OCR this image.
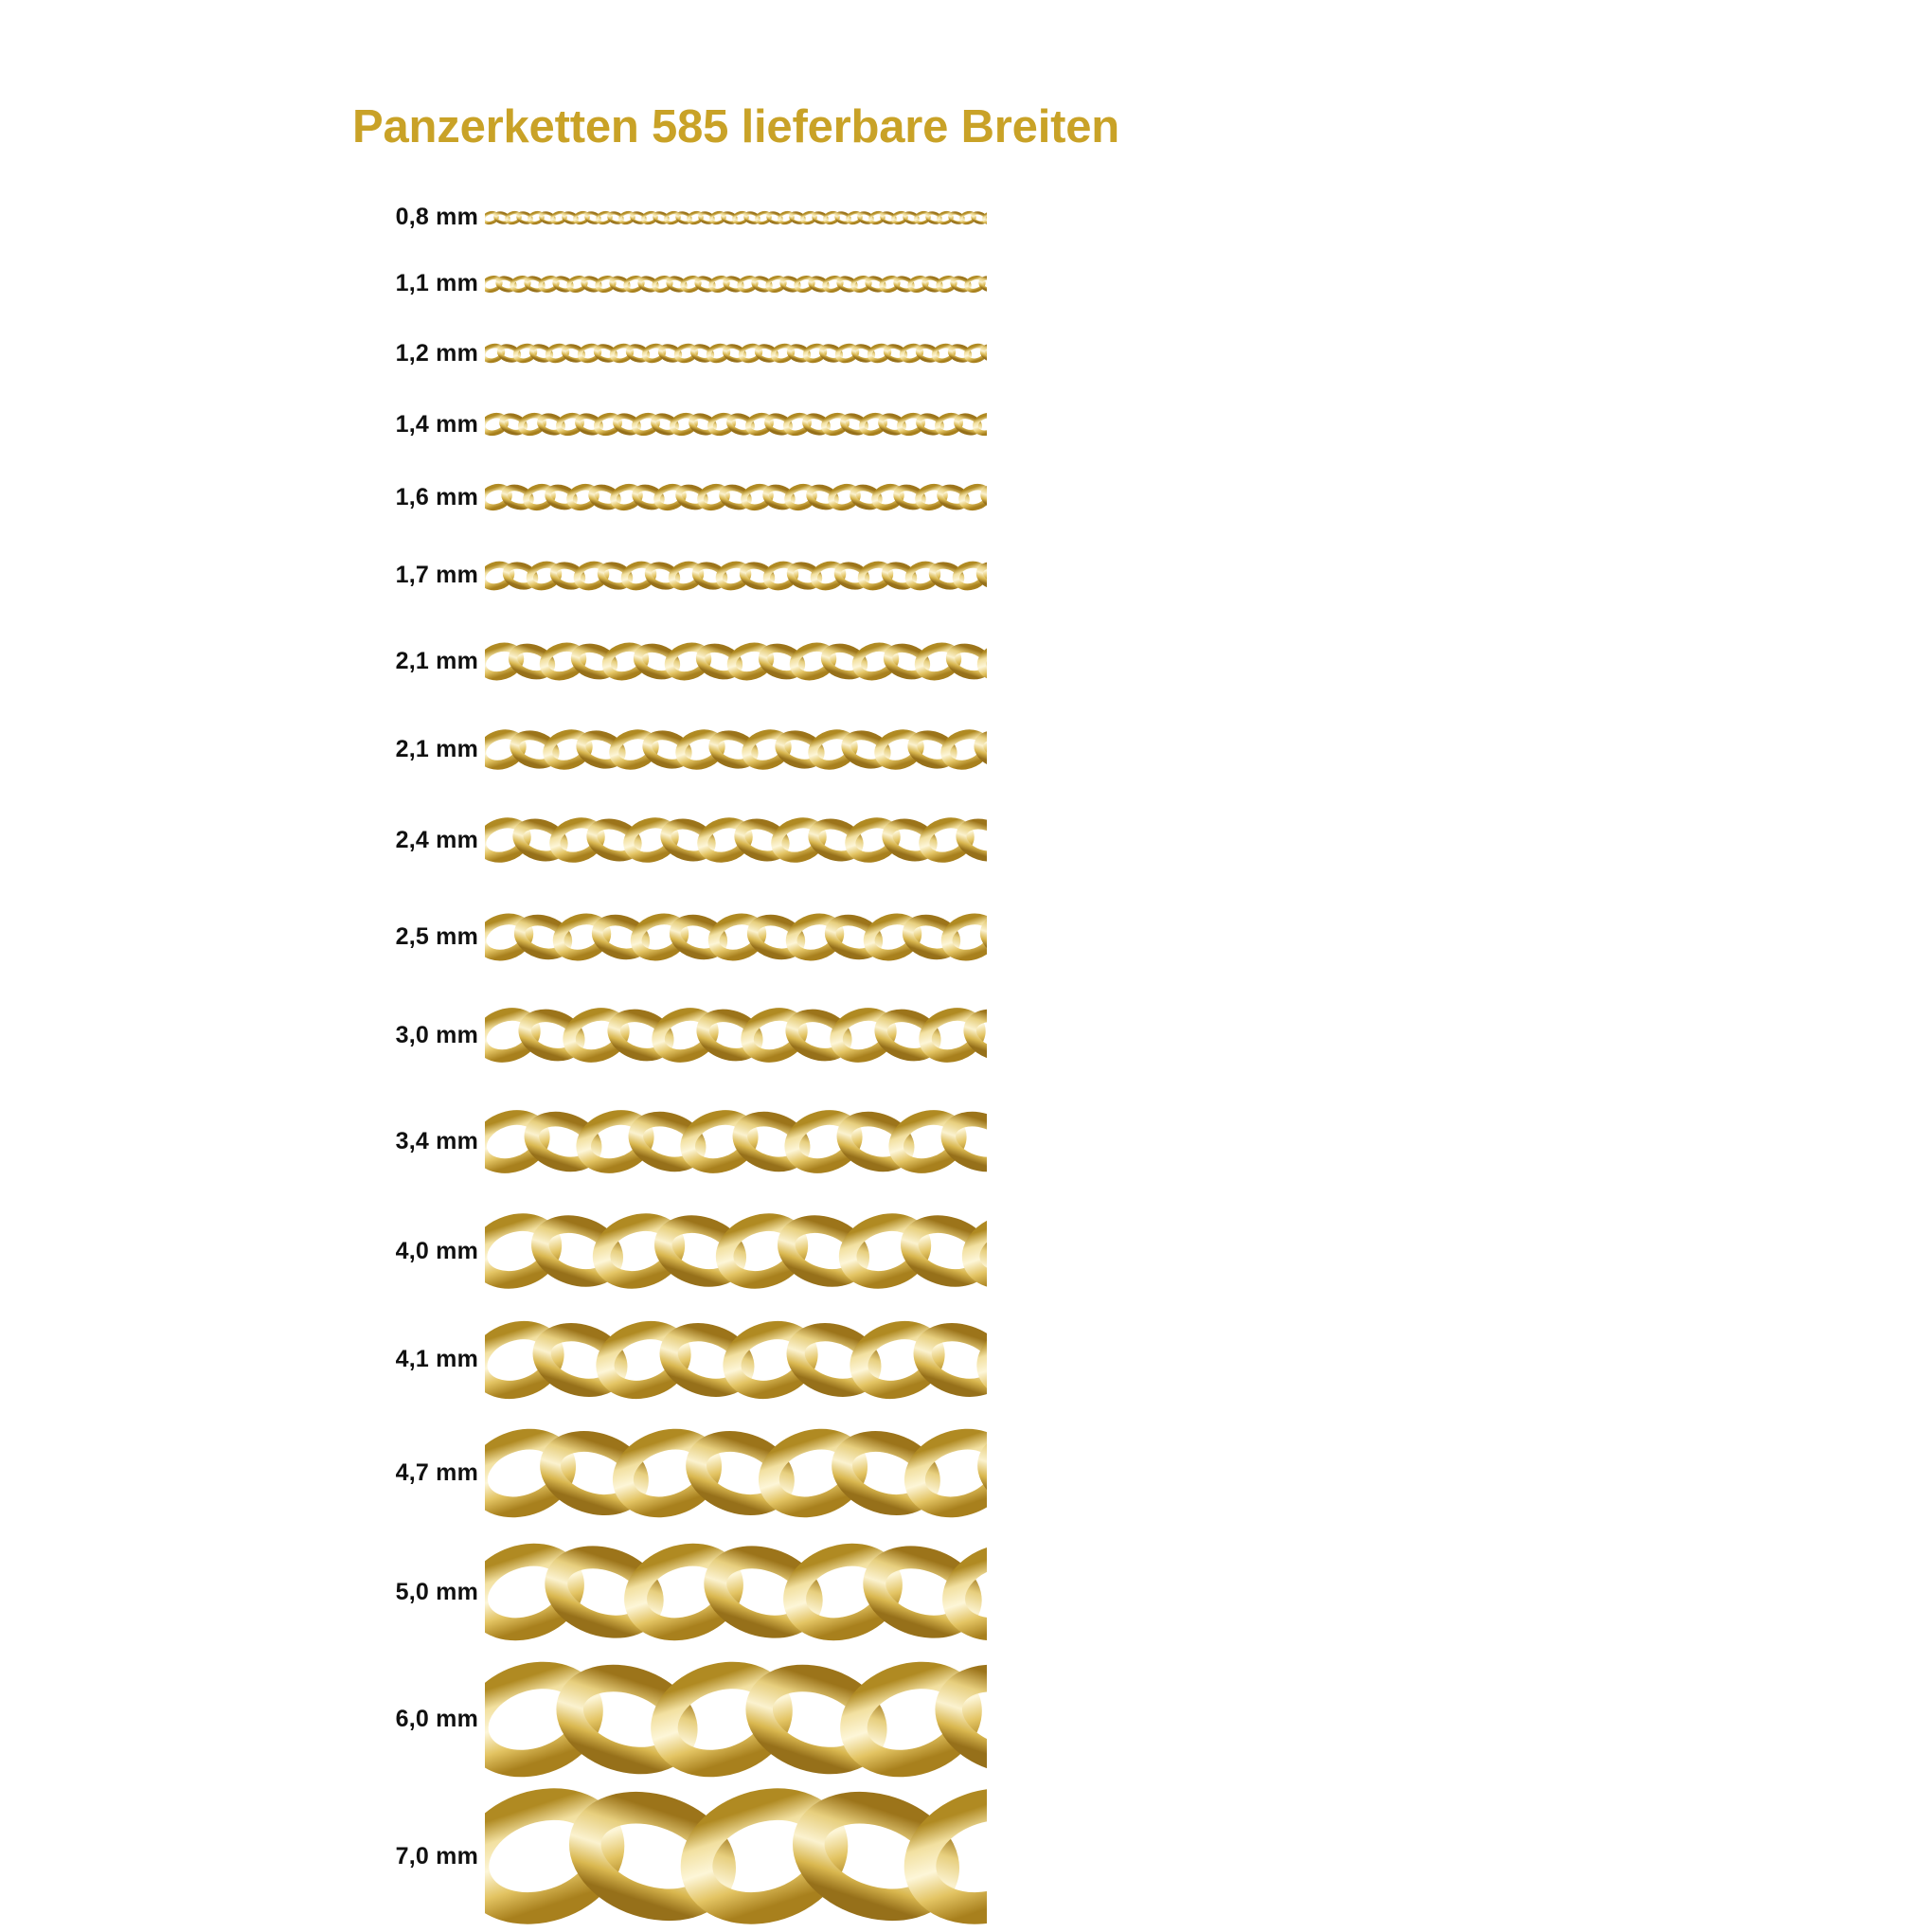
Panzerketten 585 lieferbare Breiten
0,8 mm
1,1 mm
1,2 mm
1,4 mm
1,6 mm
1,7 mm
2,1 mm
2,1 mm
2,4 mm
2,5 mm
3,0 mm
3,4 mm
4,0 mm
4,1 mm
4,7 mm
5,0 mm
6,0 mm
7,0 mm
